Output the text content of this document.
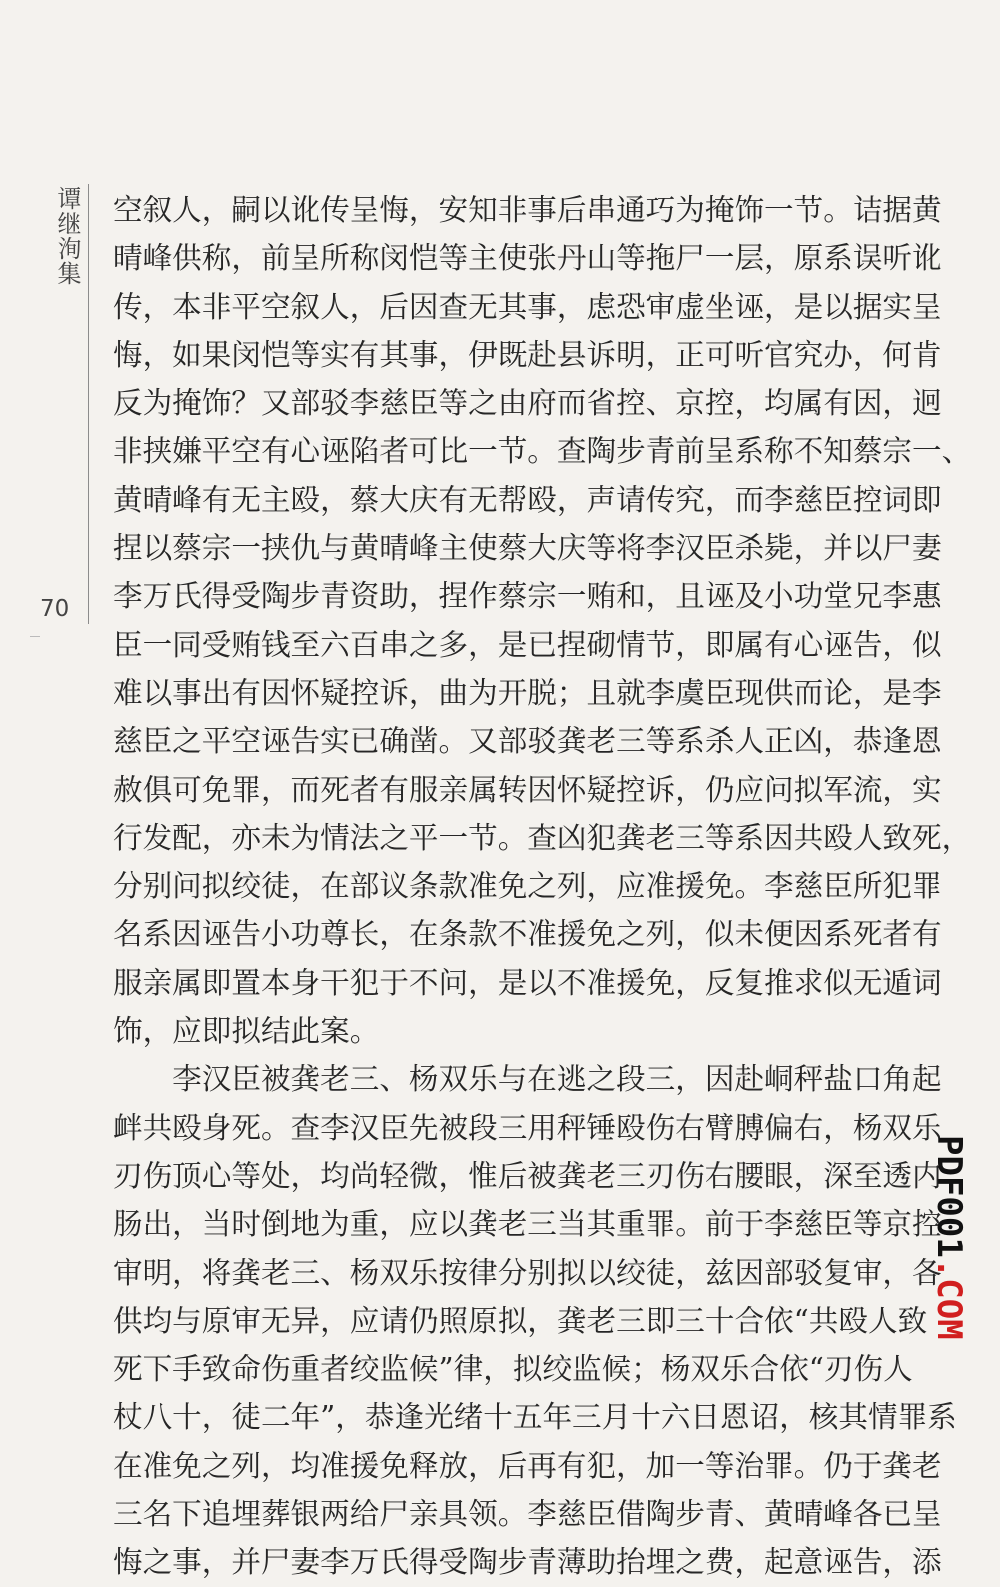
谭继洵集
70
空叙人，嗣以讹传呈悔，安知非事后串通巧为掩饰一节。诘据黄
晴峰供称，前呈所称闵恺等主使张丹山等拖尸一层，原系误听讹
传，本非平空叙人，后因查无其事，虑恐审虚坐诬，是以据实呈
悔，如果闵恺等实有其事，伊既赴县诉明，正可听官究办，何肯
反为掩饰？又部驳李慈臣等之由府而省控、京控，均属有因，迥
非挟嫌平空有心诬陷者可比一节。查陶步青前呈系称不知蔡宗一、
黄晴峰有无主殴，蔡大庆有无帮殴，声请传究，而李慈臣控词即
捏以蔡宗一挟仇与黄晴峰主使蔡大庆等将李汉臣杀毙，并以尸妻
李万氏得受陶步青资助，捏作蔡宗一贿和，且诬及小功堂兄李惠
臣一同受贿钱至六百串之多，是已捏砌情节，即属有心诬告，似
难以事出有因怀疑控诉，曲为开脱；且就李虞臣现供而论，是李
慈臣之平空诬告实已确凿。又部驳龚老三等系杀人正凶，恭逢恩
赦俱可免罪，而死者有服亲属转因怀疑控诉，仍应问拟军流，实
行发配，亦未为情法之平一节。查凶犯龚老三等系因共殴人致死，
分别问拟绞徒，在部议条款准免之列，应准援免。李慈臣所犯罪
名系因诬告小功尊长，在条款不准援免之列，似未便因系死者有
服亲属即置本身干犯于不问，是以不准援免，反复推求似无遁词
饰，应即拟结此案。
　　李汉臣被龚老三、杨双乐与在逃之段三，因赴峒秤盐口角起
衅共殴身死。查李汉臣先被段三用秤锤殴伤右臂膊偏右，杨双乐
刃伤顶心等处，均尚轻微，惟后被龚老三刃伤右腰眼，深至透内
肠出，当时倒地为重，应以龚老三当其重罪。前于李慈臣等京控
审明，将龚老三、杨双乐按律分别拟以绞徒，兹因部驳复审，各
供均与原审无异，应请仍照原拟，龚老三即三十合依“共殴人致
死下手致命伤重者绞监候”律，拟绞监候；杨双乐合依“刃伤人
杖八十，徒二年”，恭逢光绪十五年三月十六日恩诏，核其情罪系
在准免之列，均准援免释放，后再有犯，加一等治罪。仍于龚老
三名下追埋葬银两给尸亲具领。李慈臣借陶步青、黄晴峰各已呈
悔之事，并尸妻李万氏得受陶步青薄助抬埋之费，起意诬告，添
PDF001.COM
